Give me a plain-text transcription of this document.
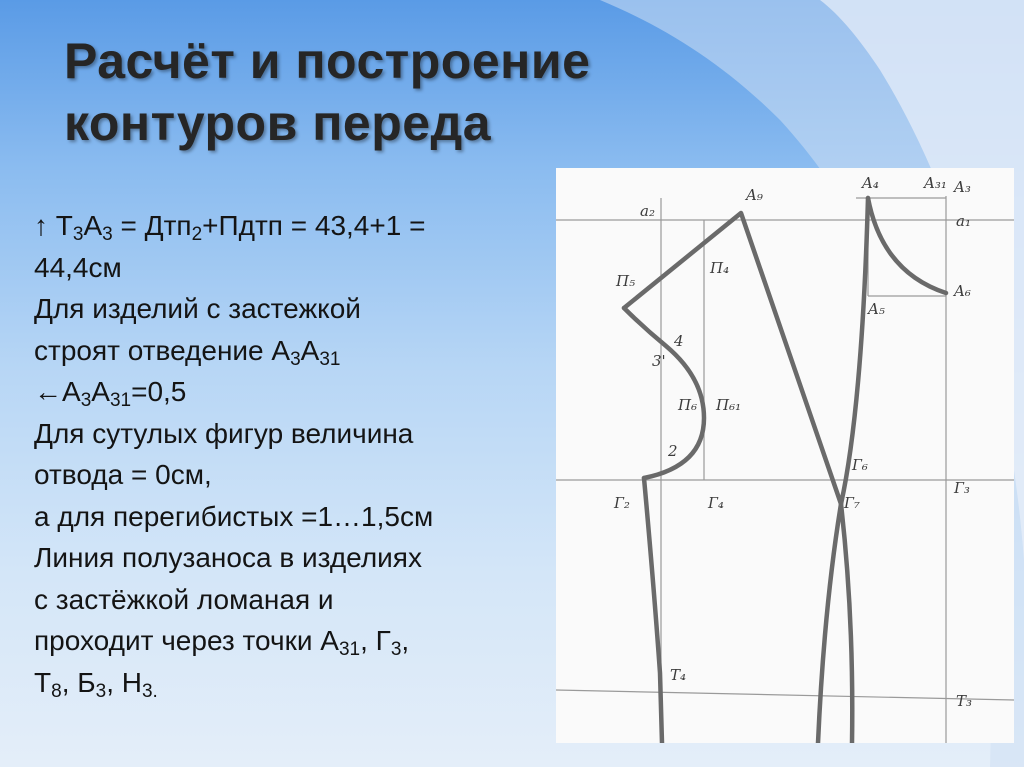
Расчёт и построение
контуров переда
↑ $Т_3А_3$ = Дтп$_2$+Пдтп = 43,4+1 =
44,4см
Для изделий с застежкой
строят отведение $А_3А_{31}$
$\leftarrow А_3А_{31}=0,5$
Для сутулых фигур величина
отвода = 0см,
а для перегибистых =1…1,5см
Линия полузаноса в изделиях
с застёжкой ломаная и
проходит через точки $А_{31}$, $Г_3$,
$Т_8$, $Б_3$, $Н_{3.}$
a₂
A₉
A₄	A₃₁ A₃
a₁
П₅
П₄
A₆
A₅
4
3'
П₆ П₆₁
2
Г₆
Г₂	Г₄	Г₇
Г₃
T₄
T₃
